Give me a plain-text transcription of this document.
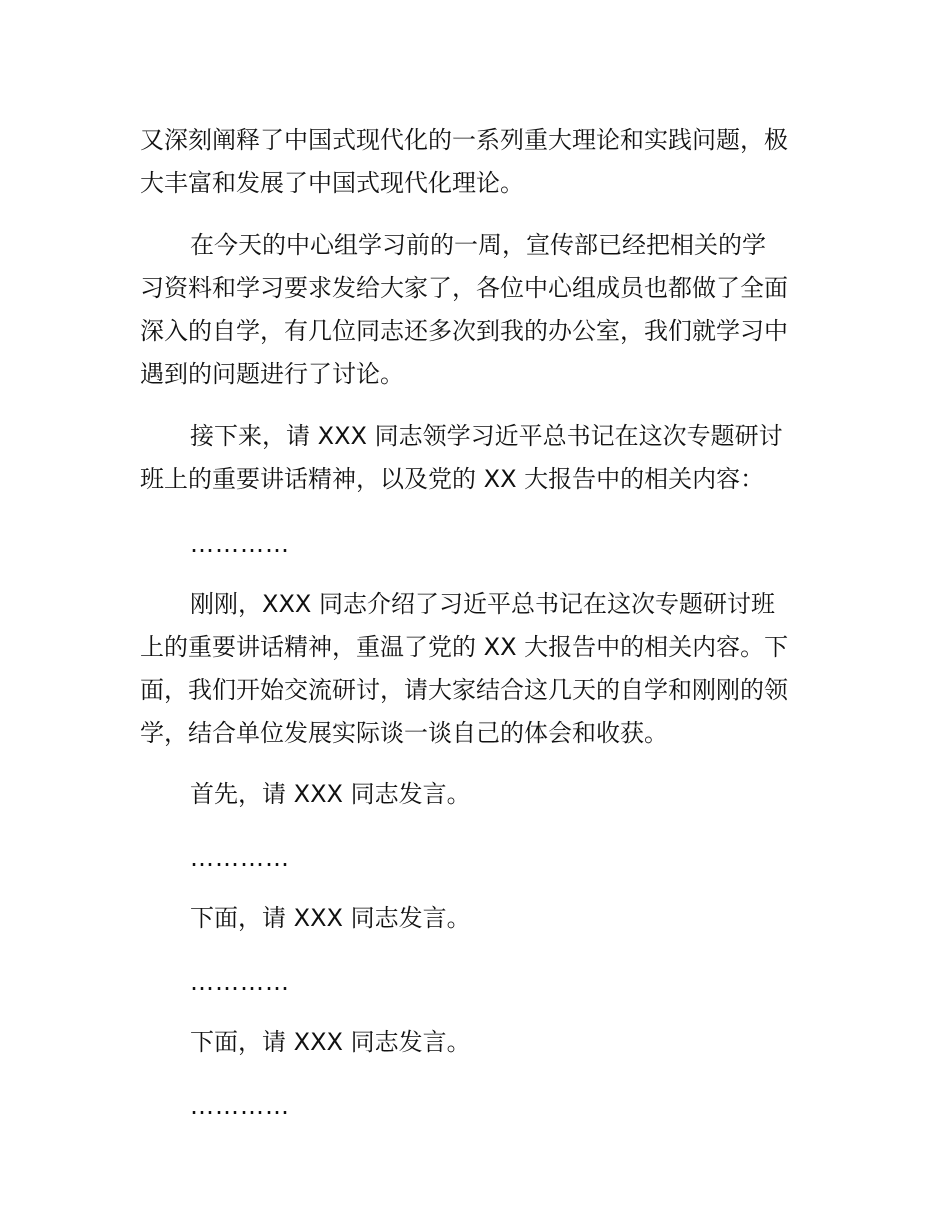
又深刻阐释了中国式现代化的一系列重大理论和实践问题，极
大丰富和发展了中国式现代化理论。
在今天的中心组学习前的一周，宣传部已经把相关的学
习资料和学习要求发给大家了，各位中心组成员也都做了全面
深入的自学，有几位同志还多次到我的办公室，我们就学习中
遇到的问题进行了讨论。
接下来，请 XXX 同志领学习近平总书记在这次专题研讨
班上的重要讲话精神，以及党的 XX 大报告中的相关内容：
…………
刚刚，XXX 同志介绍了习近平总书记在这次专题研讨班
上的重要讲话精神，重温了党的 XX 大报告中的相关内容。下
面，我们开始交流研讨，请大家结合这几天的自学和刚刚的领
学，结合单位发展实际谈一谈自己的体会和收获。
首先，请 XXX 同志发言。
…………
下面，请 XXX 同志发言。
…………
下面，请 XXX 同志发言。
…………
